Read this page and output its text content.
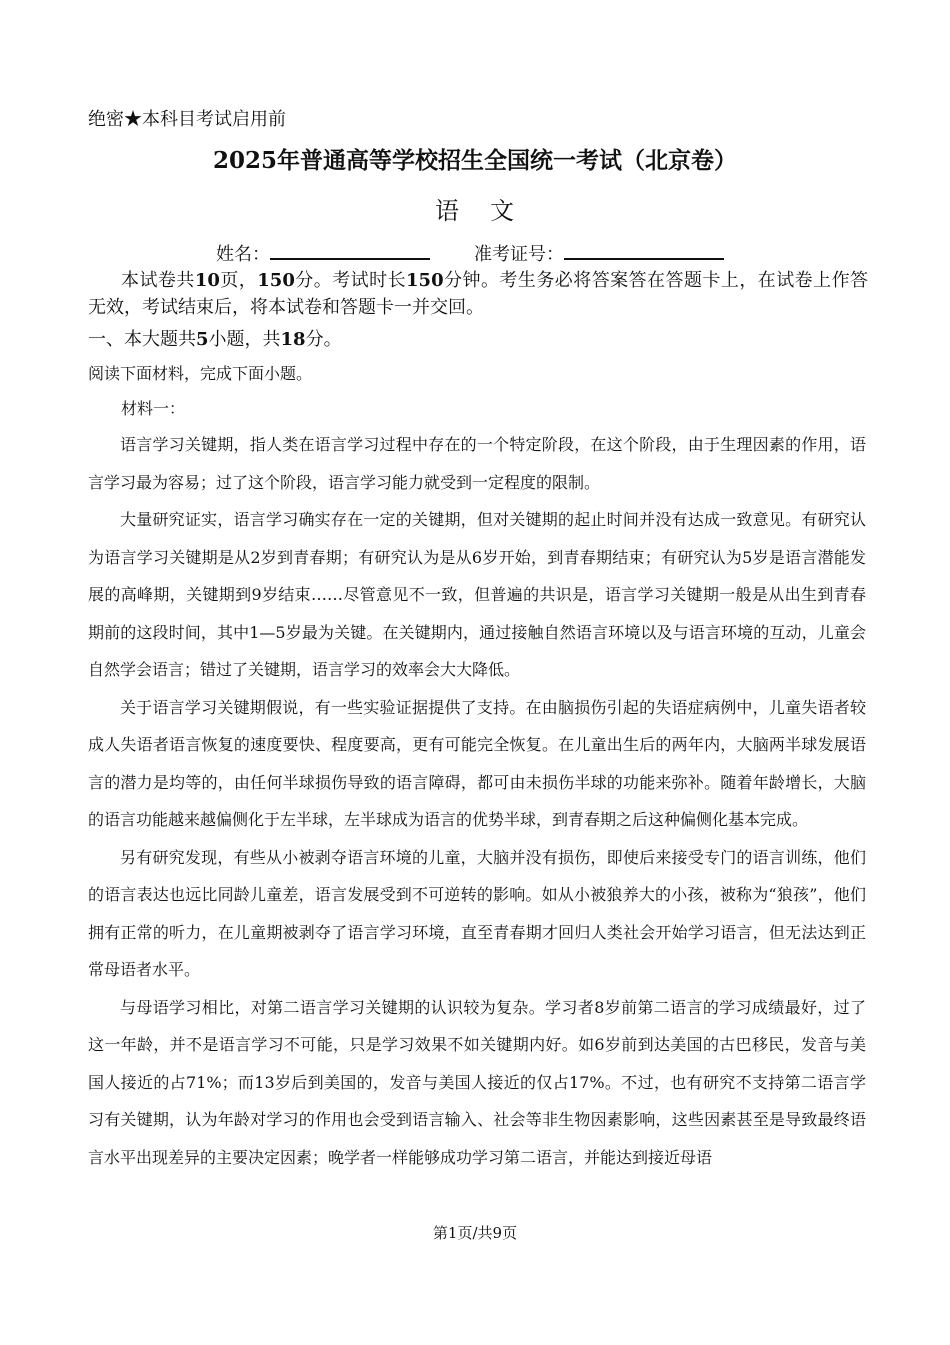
绝密★本科目考试启用前
2025年普通高等学校招生全国统一考试（北京卷）
语 文
姓名：	准考证号：
本试卷共10页，150分。考试时长150分钟。考生务必将答案答在答题卡上，在试卷上作答无效，考试结束后，将本试卷和答题卡一并交回。
一、本大题共5小题，共18分。
阅读下面材料，完成下面小题。
材料一：

语言学习关键期，指人类在语言学习过程中存在的一个特定阶段，在这个阶段，由于生理因素的作用，语言学习最为容易；过了这个阶段，语言学习能力就受到一定程度的限制。

大量研究证实，语言学习确实存在一定的关键期，但对关键期的起止时间并没有达成一致意见。有研究认为语言学习关键期是从2岁到青春期；有研究认为是从6岁开始，到青春期结束；有研究认为5岁是语言潜能发展的高峰期，关键期到9岁结束……尽管意见不一致，但普遍的共识是，语言学习关键期一般是从出生到青春期前的这段时间，其中1—5岁最为关键。在关键期内，通过接触自然语言环境以及与语言环境的互动，儿童会自然学会语言；错过了关键期，语言学习的效率会大大降低。

关于语言学习关键期假说，有一些实验证据提供了支持。在由脑损伤引起的失语症病例中，儿童失语者较成人失语者语言恢复的速度要快、程度要高，更有可能完全恢复。在儿童出生后的两年内，大脑两半球发展语言的潜力是均等的，由任何半球损伤导致的语言障碍，都可由未损伤半球的功能来弥补。随着年龄增长，大脑的语言功能越来越偏侧化于左半球，左半球成为语言的优势半球，到青春期之后这种偏侧化基本完成。

另有研究发现，有些从小被剥夺语言环境的儿童，大脑并没有损伤，即使后来接受专门的语言训练，他们的语言表达也远比同龄儿童差，语言发展受到不可逆转的影响。如从小被狼养大的小孩，被称为“狼孩”，他们拥有正常的听力，在儿童期被剥夺了语言学习环境，直至青春期才回归人类社会开始学习语言，但无法达到正常母语者水平。

与母语学习相比，对第二语言学习关键期的认识较为复杂。学习者8岁前第二语言的学习成绩最好，过了这一年龄，并不是语言学习不可能，只是学习效果不如关键期内好。如6岁前到达美国的古巴移民，发音与美国人接近的占71%；而13岁后到美国的，发音与美国人接近的仅占17%。不过，也有研究不支持第二语言学习有关键期，认为年龄对学习的作用也会受到语言输入、社会等非生物因素影响，这些因素甚至是导致最终语言水平出现差异的主要决定因素；晚学者一样能够成功学习第二语言，并能达到接近母语

第1页/共9页
